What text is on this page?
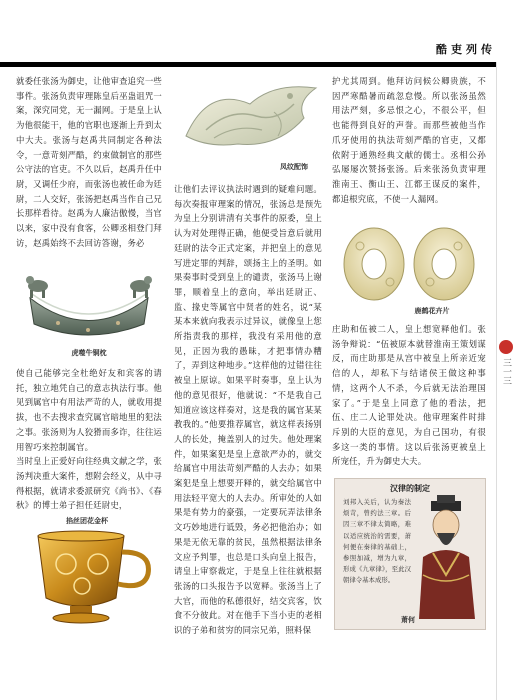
酷吏列传
三一三

就委任张汤为御史，让他审查追究一些事件。张汤负责审理陈皇后巫蛊诅咒一案，深究同党，无一漏网。于是皇上认为他很能干，他的官职也逐渐上升到太中大夫。张汤与赵禹共同制定各种法令，一意苛刻严酷，约束做制官的那些公守法的官吏。不久以后，赵禹升任中尉，又调任少府，而张汤也被任命为廷尉，二人交好，张汤把赵禹当作自己兄长那样看待。赵禹为人廉洁傲慢，当官以来，家中没有食客，公卿丞相登门拜访，赵禹始终不去回访答谢，务必

虎噬牛铜枕

使自己能够完全杜绝好友和宾客的请托，独立地凭自己的意志执法行事。他见到属官中有用法严苛的人，就收用提拔，也不去搜求查究属官暗地里的犯法之事。张汤则为人狡猾而多诈，往往运用智巧来控制属官。
当时皇上正爱好向往经典文献之学，张汤判决重大案件，想附会经义，从中寻得根据，就请求委派研究《尚书》、《春秋》的博士弟子担任廷尉史，

掐丝团花金杯
凤纹配饰

让他们去评议执法时遇到的疑难问题。每次奏报审理案的情况，张汤总是预先为皇上分别讲清有关事件的原委，皇上认为对处理得正确，他便受旨意后就用廷尉的法令正式定案，并把皇上的意见写进定罪的判辞，颂扬主上的圣明。如果奏事时受到皇上的谴责，张汤马上谢罪，顺着皇上的意向，举出廷尉正、监、掾史等属官中贤者的姓名，说“某某本来就向我表示过异议，就像皇上您所指责我的那样，我没有采用他的意见，正因为我的愚昧，才把事情办糟了，弄到这种地步。”这样他的过错往往被皇上原谅。如果平时奏事，皇上认为他的意见很好，他就说：“不是我自己知道应该这样奏对，这是我的属官某某教我的。”他要推荐属官，就这样表扬别人的长处，掩盖别人的过失。他处理案件，如果案犯是皇上意欲严办的，就交给属官中用法苛刻严酷的人去办；如果案犯是皇上想要开释的，就交给属官中用法轻平宽大的人去办。所审处的人如果是有势力的豪强，一定要玩弄法律条文巧妙地进行诋毁，务必把他治办；如果是无依无靠的贫民，虽然根据法律条文应予判罪，也总是口头向皇上报告，请皇上审察裁定，于是皇上往往就根据张汤的口头报告予以宽释。张汤当上了大官，而他的私德很好，结交宾客，饮食不分彼此。对在他手下当小吏的老相识的子弟和贫穷的同宗兄弟，照料保

护尤其周到。他拜访问候公卿贵族，不因严寒酷暑而疏忽怠慢。所以张汤虽然用法严刻，多忌恨之心，不很公平，但也能得到良好的声誉。而那些被他当作爪牙使用的执法苛刻严酷的官吏，又都依附于通熟经典文献的儒士。丞相公孙弘屡屡次赞扬张汤。后来张汤负责审理淮南王、衡山王、江都王谋反的案件，都追根究底，不使一人漏网。

鹿鹤花卉片

庄助和伍被二人，皇上想宽释他们。张汤争辩说：“伍被原本就替淮南王策划谋反，而庄助那是从宫中被皇上所亲近宠信的人，却私下与结诸侯王做这种事情，这两个人不杀，今后就无法治理国家了。”于是皇上同意了他的看法，把伍、庄二人论罪处决。他审理案件时排斥别的大臣的意见，为自己国功，有很多这一类的事情。这以后张汤更被皇上所宠任，升为御史大夫。

汉律的制定
刘邦入关后，认为秦法烦苛，曾约法三章。后因三章不律太简略，难以适应统治的需要，萧何便在秦律的基础上，参照加减，增为九章，形成《九章律》，至此汉朝律令基本成形。
萧何
